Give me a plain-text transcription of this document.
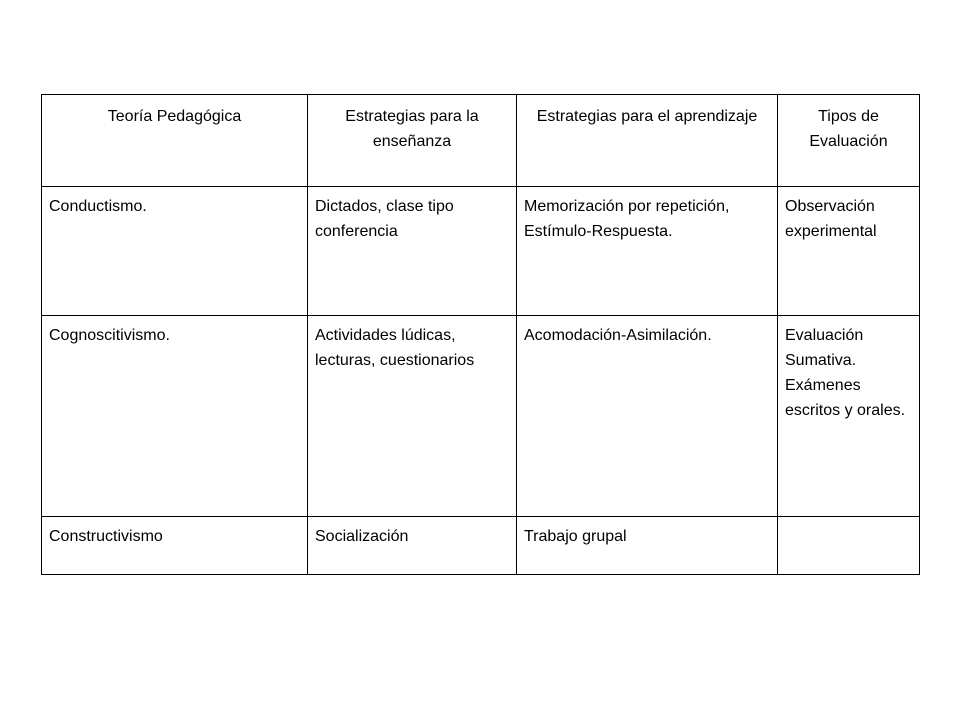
Teoría Pedagógica	Estrategias para la enseñanza	Estrategias para el aprendizaje	Tipos de Evaluación

Conductismo.	Dictados, clase tipo conferencia	Memorización por repetición, Estímulo-Respuesta.	Observación experimental

Cognoscitivismo.	Actividades lúdicas, lecturas, cuestionarios	Acomodación-Asimilación.	Evaluación Sumativa. Exámenes escritos y orales.

Constructivismo	Socialización	Trabajo grupal	
